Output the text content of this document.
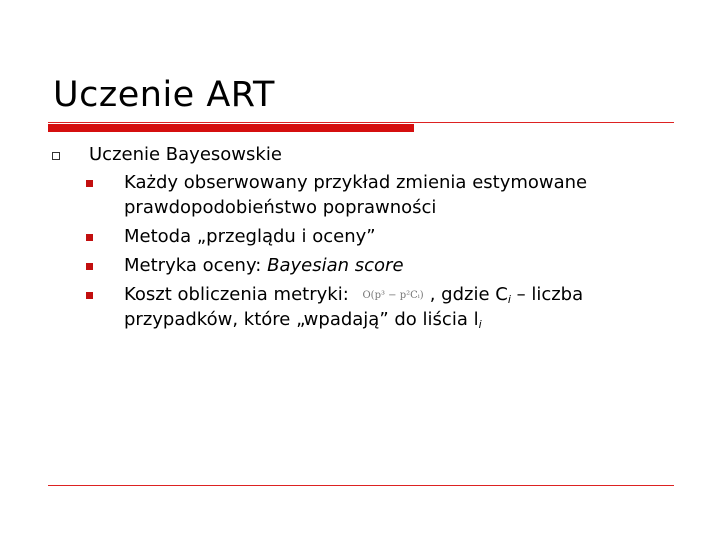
Uczenie ART
Uczenie Bayesowskie
Każdy obserwowany przykład zmienia estymowane
prawdopodobieństwo poprawności
Metoda „przeglądu i oceny”
Metryka oceny: Bayesian score
Koszt obliczenia metryki: O(p³ − p²Cᵢ) , gdzie $C_i$ – liczba
przypadków, które „wpadają” do liścia $l_i$
